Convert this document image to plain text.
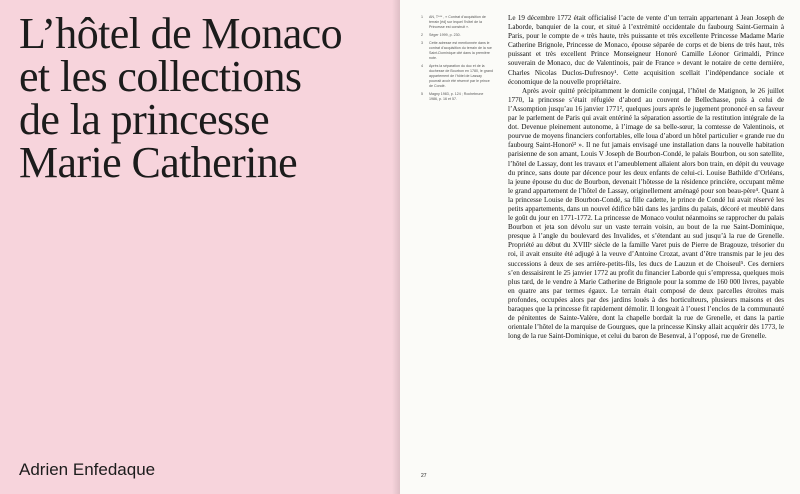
L’hôtel de Monaco
et les collections
de la princesse
Marie Catherine

Adrien Enfedaque

1	AN, T*** , « Contrat d’acquisition de terrain [éd] sur lequel l’hôtel de la Princesse est construit ».
2	Séger 1999, p. 230.
3	Cette adresse est mentionnée dans le contrat d’acquisition du terrain de la rue Saint-Dominique cité dans la première note.
4	Après la séparation du duc et de la duchesse de Bourbon en 1780, le grand appartement de l’hôtel de Lassay pourrait avoir été réservé par le prince de Condé.
5	Magny 1983, p. 124 ; Rochebrune 1986, p. 16 et 57.

Le 19 décembre 1772 était officialisé l’acte de vente d’un terrain appartenant à Jean Joseph de Laborde, banquier de la cour, et situé à l’extrémité occidentale du faubourg Saint-Germain à Paris, pour le compte de « très haute, très puissante et très excellente Princesse Madame Marie Catherine Brignole, Princesse de Monaco, épouse séparée de corps et de biens de très haut, très puissant et très excellent Prince Monseigneur Honoré Camille Léonor Grimaldi, Prince souverain de Monaco, duc de Valentinois, pair de France » devant le notaire de cette dernière, Charles Nicolas Duclos-Dufresnoy¹. Cette acquisition scellait l’indépendance sociale et économique de la nouvelle propriétaire.

Après avoir quitté précipitamment le domicile conjugal, l’hôtel de Matignon, le 26 juillet 1770, la princesse s’était réfugiée d’abord au couvent de Bellechasse, puis à celui de l’Assomption jusqu’au 16 janvier 1771², quelques jours après le jugement prononcé en sa faveur par le parlement de Paris qui avait entériné la séparation assortie de la restitution intégrale de la dot. Devenue pleinement autonome, à l’image de sa belle-sœur, la comtesse de Valentinois, et pourvue de moyens financiers confortables, elle loua d’abord un hôtel particulier « grande rue du faubourg Saint-Honoré³ ». Il ne fut jamais envisagé une installation dans la nouvelle habitation parisienne de son amant, Louis V Joseph de Bourbon-Condé, le palais Bourbon, ou son satellite, l’hôtel de Lassay, dont les travaux et l’ameublement allaient alors bon train, en dépit du veuvage du prince, sans doute par décence pour les deux enfants de celui-ci. Louise Bathilde d’Orléans, la jeune épouse du duc de Bourbon, devenait l’hôtesse de la résidence princière, occupant même le grand appartement de l’hôtel de Lassay, originellement aménagé pour son beau-père⁴. Quant à la princesse Louise de Bourbon-Condé, sa fille cadette, le prince de Condé lui avait réservé les petits appartements, dans un nouvel édifice bâti dans les jardins du palais, décoré et meublé dans le goût du jour en 1771-1772. La princesse de Monaco voulut néanmoins se rapprocher du palais Bourbon et jeta son dévolu sur un vaste terrain voisin, au bout de la rue Saint-Dominique, presque à l’angle du boulevard des Invalides, et s’étendant au sud jusqu’à la rue de Grenelle. Propriété au début du XVIIIᵉ siècle de la famille Varet puis de Pierre de Bragouze, trésorier du roi, il avait ensuite été adjugé à la veuve d’Antoine Crozat, avant d’être transmis par le jeu des successions à deux de ses arrière-petits-fils, les ducs de Lauzun et de Choiseul⁵. Ces derniers s’en dessaisirent le 25 janvier 1772 au profit du financier Laborde qui s’empressa, quelques mois plus tard, de le vendre à Marie Catherine de Brignole pour la somme de 160 000 livres, payable en quatre ans par termes égaux. Le terrain était composé de deux parcelles étroites mais profondes, occupées alors par des jardins loués à des horticulteurs, plusieurs maisons et des baraques que la princesse fit rapidement démolir. Il longeait à l’ouest l’enclos de la communauté de pénitentes de Sainte-Valère, dont la chapelle bordait la rue de Grenelle, et dans la partie orientale l’hôtel de la marquise de Gourgues, que la princesse Kinsky allait acquérir dès 1773, le long de la rue Saint-Dominique, et celui du baron de Besenval, à l’opposé, rue de Grenelle.

27
